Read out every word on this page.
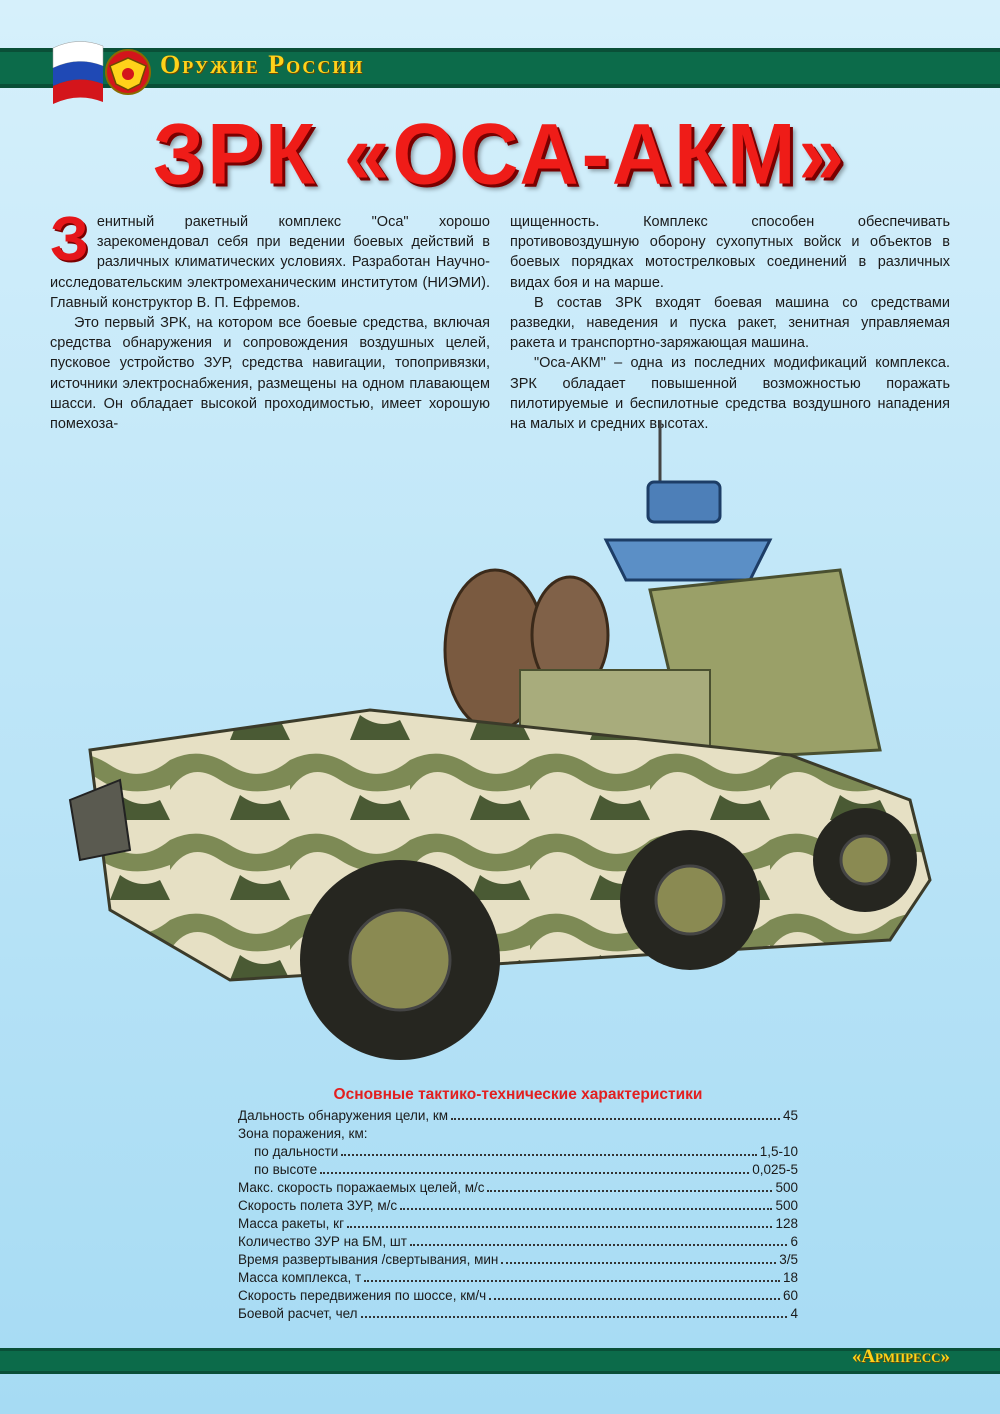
Оружие России
ЗРК «ОСА-АКМ»

Зенитный ракетный комплекс "Оса" хорошо зарекомендовал себя при ведении боевых действий в различных климатических условиях. Разработан Научно-исследовательским электромеханическим институтом (НИЭМИ). Главный конструктор В. П. Ефремов.

Это первый ЗРК, на котором все боевые средства, включая средства обнаружения и сопровождения воздушных целей, пусковое устройство ЗУР, средства навигации, топопривязки, источники электроснабжения, размещены на одном плавающем шасси. Он обладает высокой проходимостью, имеет хорошую помехоза-

щищенность. Комплекс способен обеспечивать противовоздушную оборону сухопутных войск и объектов в боевых порядках мотострелковых соединений в различных видах боя и на марше.

В состав ЗРК входят боевая машина со средствами разведки, наведения и пуска ракет, зенитная управляемая ракета и транспортно-заряжающая машина.

"Оса-АКМ" – одна из последних модификаций комплекса. ЗРК обладает повышенной возможностью поражать пилотируемые и беспилотные средства воздушного нападения на малых и средних высотах.

Основные тактико-технические характеристики
Дальность обнаружения цели, км	45
Зона поражения, км:
по дальности	1,5-10
по высоте	0,025-5
Макс. скорость поражаемых целей, м/с	500
Скорость полета ЗУР, м/с	500
Масса ракеты, кг	128
Количество ЗУР на БМ, шт	6
Время развертывания /свертывания, мин	3/5
Масса комплекса, т	18
Скорость передвижения по шоссе, км/ч	60
Боевой расчет, чел	4
«Армпресс»
